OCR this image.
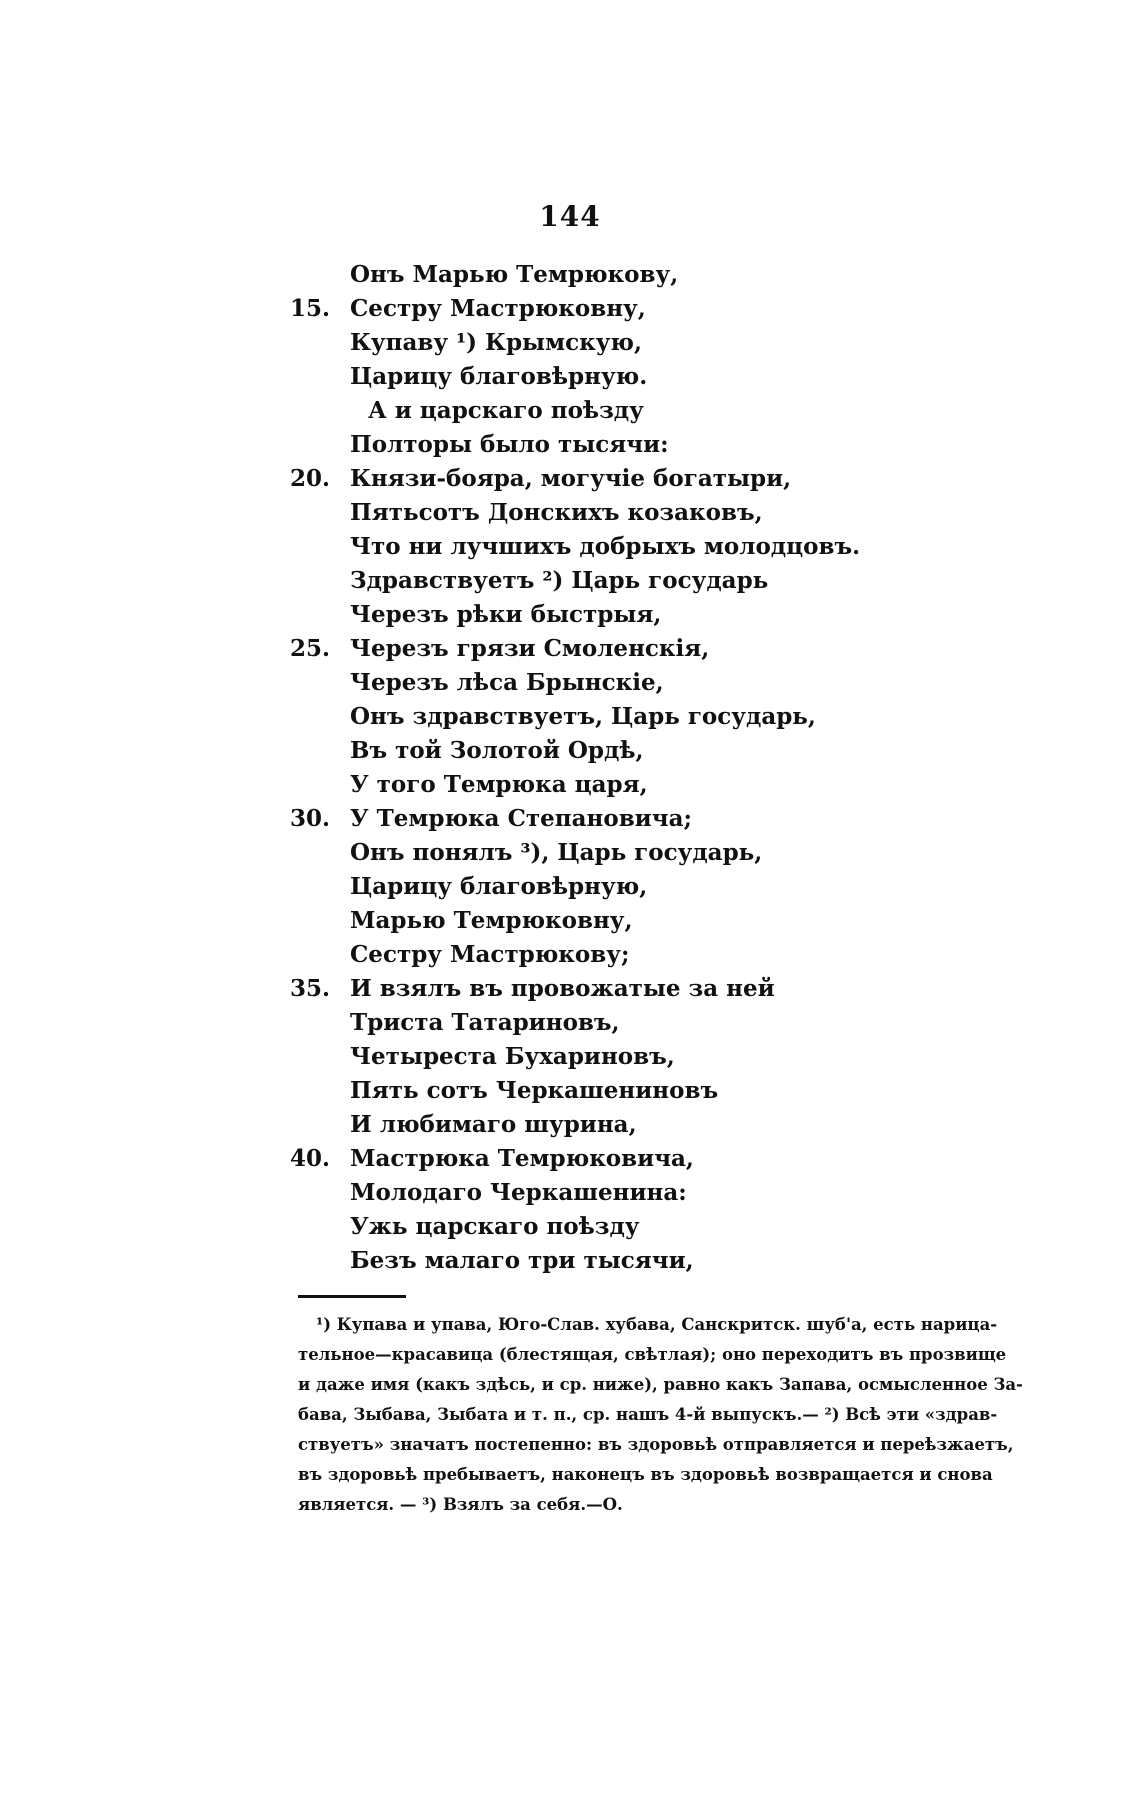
144
Онъ Марью Темрюкову,
15. Сестру Мастрюковну,
Купаву ¹) Крымскую,
Царицу благовѣрную.
А и царскаго поѣзду
Полторы было тысячи:
20. Князи-бояра, могучіе богатыри,
Пятьсотъ Донскихъ козаковъ,
Что ни лучшихъ добрыхъ молодцовъ.
Здравствуетъ ²) Царь государь
Черезъ рѣки быстрыя,
25. Черезъ грязи Смоленскія,
Черезъ лѣса Брынскіе,
Онъ здравствуетъ, Царь государь,
Въ той Золотой Ордѣ,
У того Темрюка царя,
30. У Темрюка Степановича;
Онъ понялъ ³), Царь государь,
Царицу благовѣрную,
Марью Темрюковну,
Сестру Мастрюкову;
35. И взялъ въ провожатые за ней
Триста Татариновъ,
Четыреста Бухариновъ,
Пять сотъ Черкашениновъ
И любимаго шурина,
40. Мастрюка Темрюковича,
Молодаго Черкашенина:
Ужь царскаго поѣзду
Безъ малаго три тысячи,
¹) Купава и упава, Юго-Слав. хубава, Санскритск. шуб'а, есть нарица-
тельное—красавица (блестящая, свѣтлая); оно переходитъ въ прозвище
и даже имя (какъ здѣсь, и ср. ниже), равно какъ Запава, осмысленное За-
бава, Зыбава, Зыбата и т. п., ср. нашъ 4-й выпускъ.— ²) Всѣ эти «здрав-
ствуетъ» значатъ постепенно: въ здоровьѣ отправляется и переѣзжаетъ,
въ здоровьѣ пребываетъ, наконецъ въ здоровьѣ возвращается и снова
является. — ³) Взялъ за себя.—О.
